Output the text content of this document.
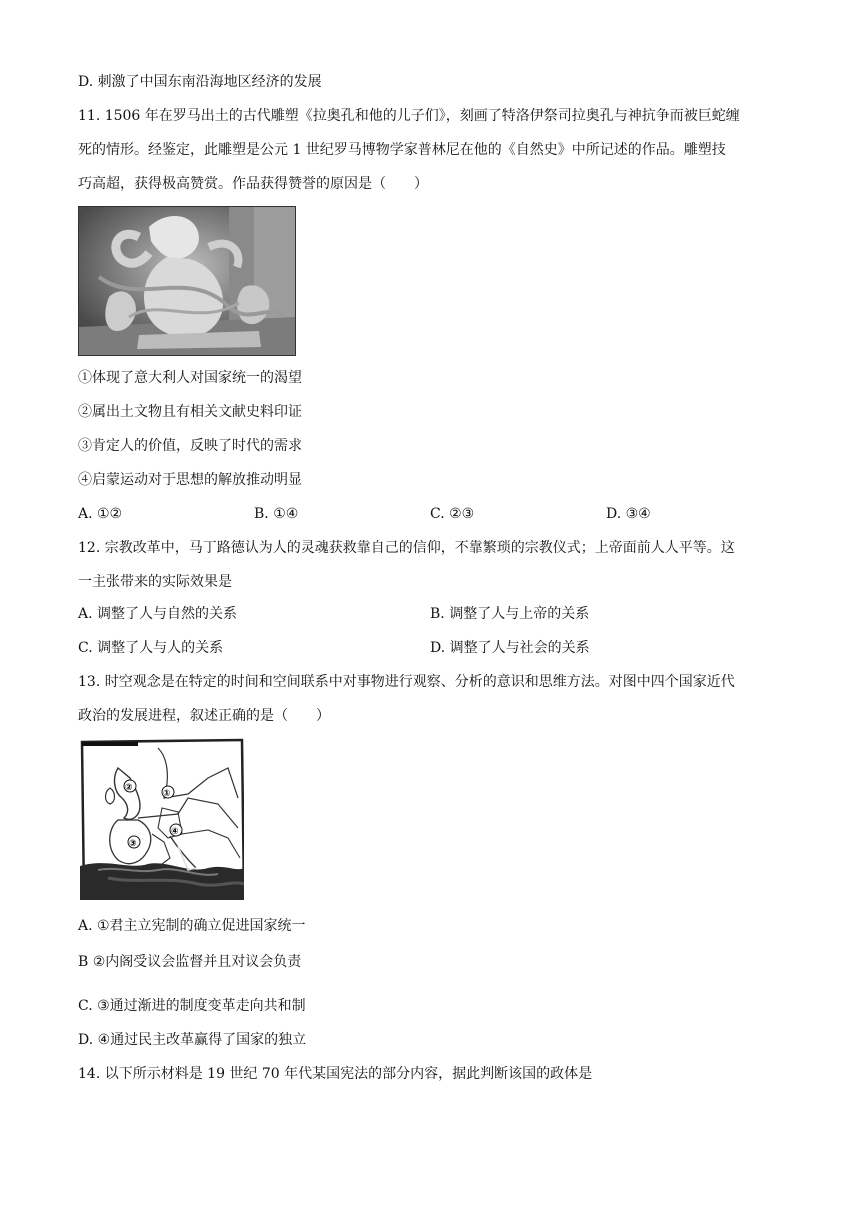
D. 刺激了中国东南沿海地区经济的发展
11. 1506 年在罗马出土的古代雕塑《拉奥孔和他的儿子们》，刻画了特洛伊祭司拉奥孔与神抗争而被巨蛇缠
死的情形。经鉴定，此雕塑是公元 1 世纪罗马博物学家普林尼在他的《自然史》中所记述的作品。雕塑技
巧高超，获得极高赞赏。作品获得赞誉的原因是（　　）
①体现了意大利人对国家统一的渴望
②属出土文物且有相关文献史料印证
③肯定人的价值，反映了时代的需求
④启蒙运动对于思想的解放推动明显
A. ①②	B. ①④	C. ②③	D. ③④
12. 宗教改革中，马丁路德认为人的灵魂获救靠自己的信仰，不靠繁琐的宗教仪式；上帝面前人人平等。这
一主张带来的实际效果是
A. 调整了人与自然的关系	B. 调整了人与上帝的关系
C. 调整了人与人的关系	D. 调整了人与社会的关系
13. 时空观念是在特定的时间和空间联系中对事物进行观察、分析的意识和思维方法。对图中四个国家近代
政治的发展进程，叙述正确的是（　　）
②
①
③
④
A. ①君主立宪制的确立促进国家统一
B ②内阁受议会监督并且对议会负责
C. ③通过渐进的制度变革走向共和制
D. ④通过民主改革赢得了国家的独立
14. 以下所示材料是 19 世纪 70 年代某国宪法的部分内容，据此判断该国的政体是
